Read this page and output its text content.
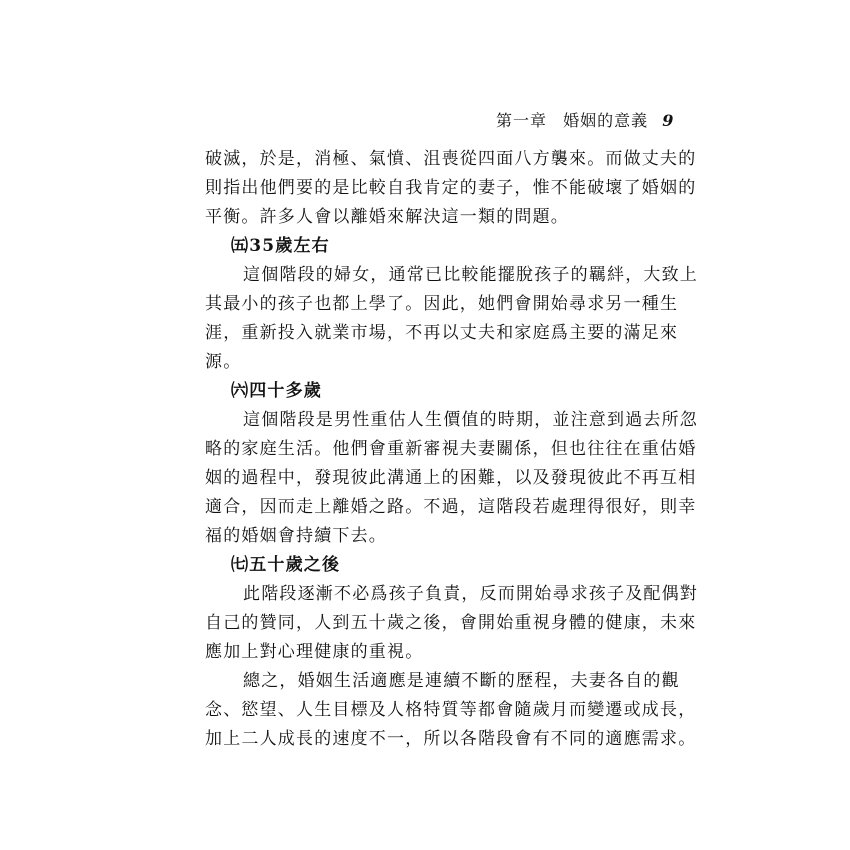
第一章 婚姻的意義 9
破滅，於是，消極、氣憤、沮喪從四面八方襲來。而做丈夫的
則指出他們要的是比較自我肯定的妻子，惟不能破壞了婚姻的
平衡。許多人會以離婚來解決這一類的問題。
㈤35歲左右
這個階段的婦女，通常已比較能擺脫孩子的羈絆，大致上
其最小的孩子也都上學了。因此，她們會開始尋求另一種生
涯，重新投入就業市場，不再以丈夫和家庭爲主要的滿足來
源。
㈥四十多歲
這個階段是男性重估人生價值的時期，並注意到過去所忽
略的家庭生活。他們會重新審視夫妻關係，但也往往在重估婚
姻的過程中，發現彼此溝通上的困難，以及發現彼此不再互相
適合，因而走上離婚之路。不過，這階段若處理得很好，則幸
福的婚姻會持續下去。
㈦五十歲之後
此階段逐漸不必爲孩子負責，反而開始尋求孩子及配偶對
自己的贊同，人到五十歲之後，會開始重視身體的健康，未來
應加上對心理健康的重視。
總之，婚姻生活適應是連續不斷的歷程，夫妻各自的觀
念、慾望、人生目標及人格特質等都會隨歲月而變遷或成長，
加上二人成長的速度不一，所以各階段會有不同的適應需求。
